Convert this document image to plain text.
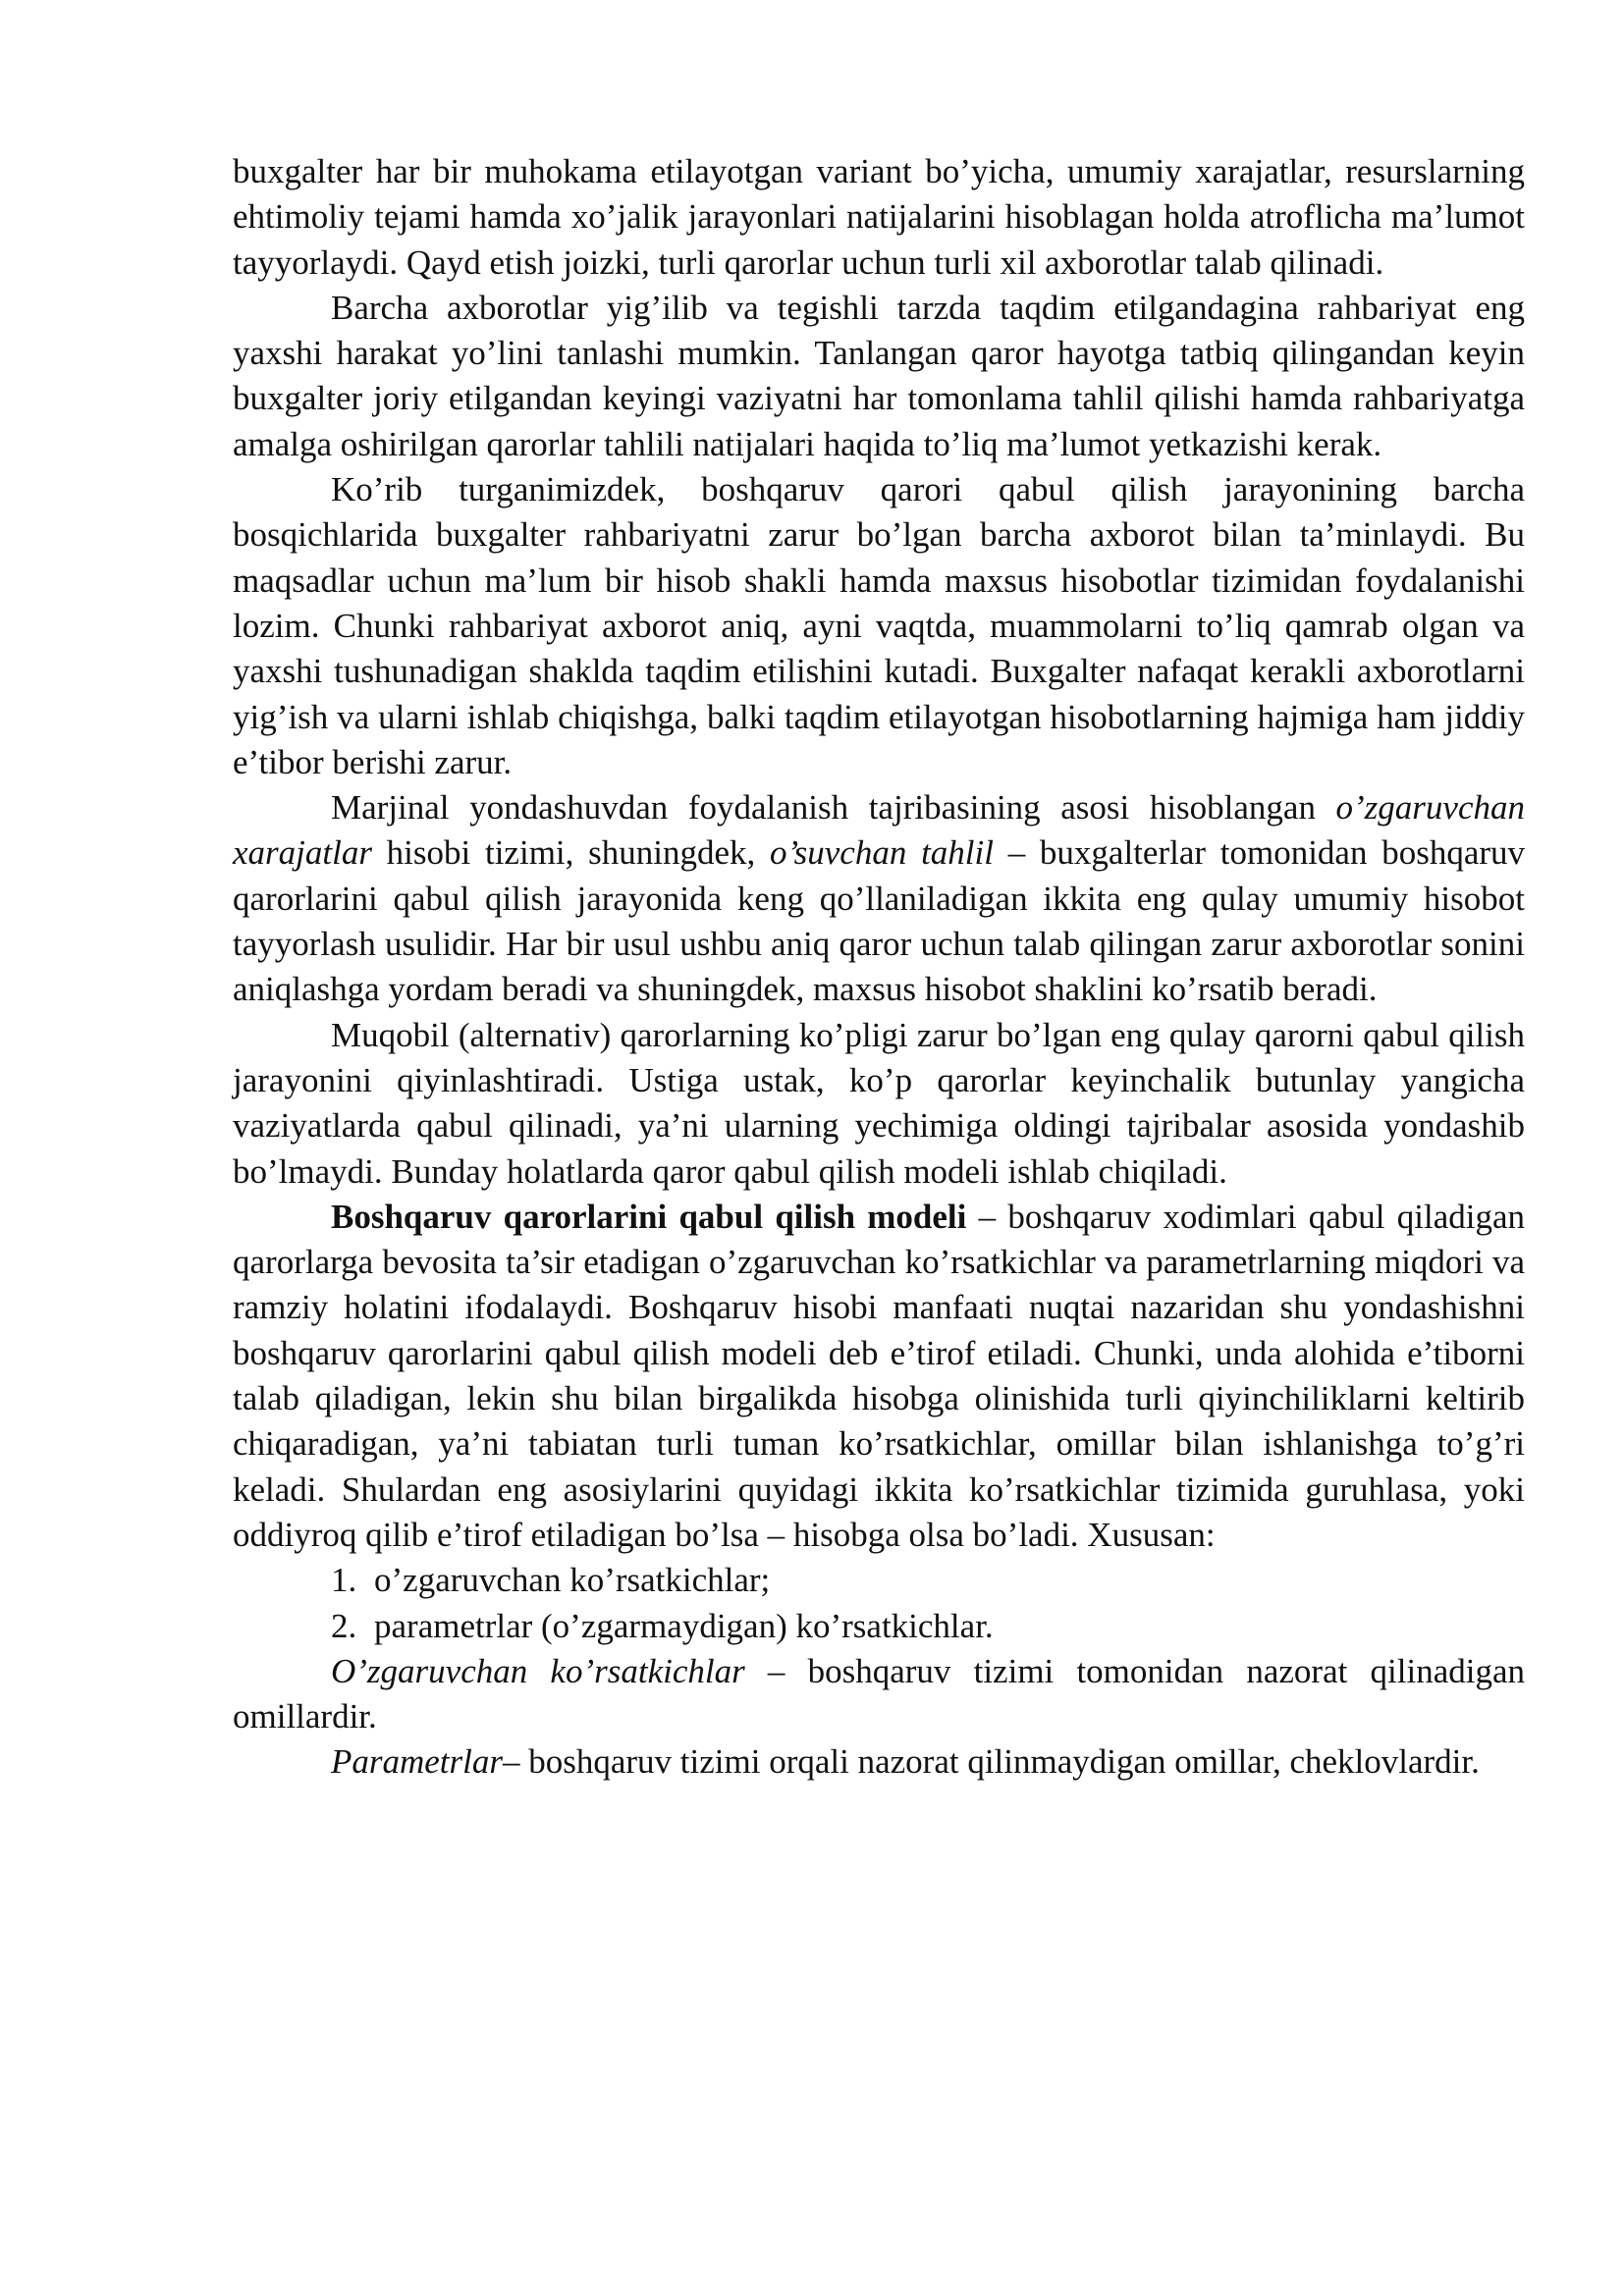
buxgalter har bir muhokama etilayotgan variant bo’yicha, umumiy xarajatlar, resurslarning ehtimoliy tejami hamda xo’jalik jarayonlari natijalarini hisoblagan holda atroflicha ma’lumot tayyorlaydi. Qayd etish joizki, turli qarorlar uchun turli xil axborotlar talab qilinadi.

Barcha axborotlar yig’ilib va tegishli tarzda taqdim etilgandagina rahbariyat eng yaxshi harakat yo’lini tanlashi mumkin. Tanlangan qaror hayotga tatbiq qilingandan keyin buxgalter joriy etilgandan keyingi vaziyatni har tomonlama tahlil qilishi hamda rahbariyatga amalga oshirilgan qarorlar tahlili natijalari haqida to’liq ma’lumot yetkazishi kerak.

Ko’rib turganimizdek, boshqaruv qarori qabul qilish jarayonining barcha bosqichlarida buxgalter rahbariyatni zarur bo’lgan barcha axborot bilan ta’minlaydi. Bu maqsadlar uchun ma’lum bir hisob shakli hamda maxsus hisobotlar tizimidan foydalanishi lozim. Chunki rahbariyat axborot aniq, ayni vaqtda, muammolarni to’liq qamrab olgan va yaxshi tushunadigan shaklda taqdim etilishini kutadi. Buxgalter nafaqat kerakli axborotlarni yig’ish va ularni ishlab chiqishga, balki taqdim etilayotgan hisobotlarning hajmiga ham jiddiy e’tibor berishi zarur.

Marjinal yondashuvdan foydalanish tajribasining asosi hisoblangan o’zgaruvchan xarajatlar hisobi tizimi, shuningdek, o’suvchan tahlil – buxgalterlar tomonidan boshqaruv qarorlarini qabul qilish jarayonida keng qo’llaniladigan ikkita eng qulay umumiy hisobot tayyorlash usulidir. Har bir usul ushbu aniq qaror uchun talab qilingan zarur axborotlar sonini aniqlashga yordam beradi va shuningdek, maxsus hisobot shaklini ko’rsatib beradi.

Muqobil (alternativ) qarorlarning ko’pligi zarur bo’lgan eng qulay qarorni qabul qilish jarayonini qiyinlashtiradi. Ustiga ustak, ko’p qarorlar keyinchalik butunlay yangicha vaziyatlarda qabul qilinadi, ya’ni ularning yechimiga oldingi tajribalar asosida yondashib bo’lmaydi. Bunday holatlarda qaror qabul qilish modeli ishlab chiqiladi.

Boshqaruv qarorlarini qabul qilish modeli – boshqaruv xodimlari qabul qiladigan qarorlarga bevosita ta’sir etadigan o’zgaruvchan ko’rsatkichlar va parametrlarning miqdori va ramziy holatini ifodalaydi. Boshqaruv hisobi manfaati nuqtai nazaridan shu yondashishni boshqaruv qarorlarini qabul qilish modeli deb e’tirof etiladi. Chunki, unda alohida e’tiborni talab qiladigan, lekin shu bilan birgalikda hisobga olinishida turli qiyinchiliklarni keltirib chiqaradigan, ya’ni tabiatan turli tuman ko’rsatkichlar, omillar bilan ishlanishga to’g’ri keladi. Shulardan eng asosiylarini quyidagi ikkita ko’rsatkichlar tizimida guruhlasa, yoki oddiyroq qilib e’tirof etiladigan bo’lsa – hisobga olsa bo’ladi. Xususan:

1. o’zgaruvchan ko’rsatkichlar;

2. parametrlar (o’zgarmaydigan) ko’rsatkichlar.

O’zgaruvchan ko’rsatkichlar – boshqaruv tizimi tomonidan nazorat qilinadigan omillardir.

Parametrlar– boshqaruv tizimi orqali nazorat qilinmaydigan omillar, cheklovlardir.
